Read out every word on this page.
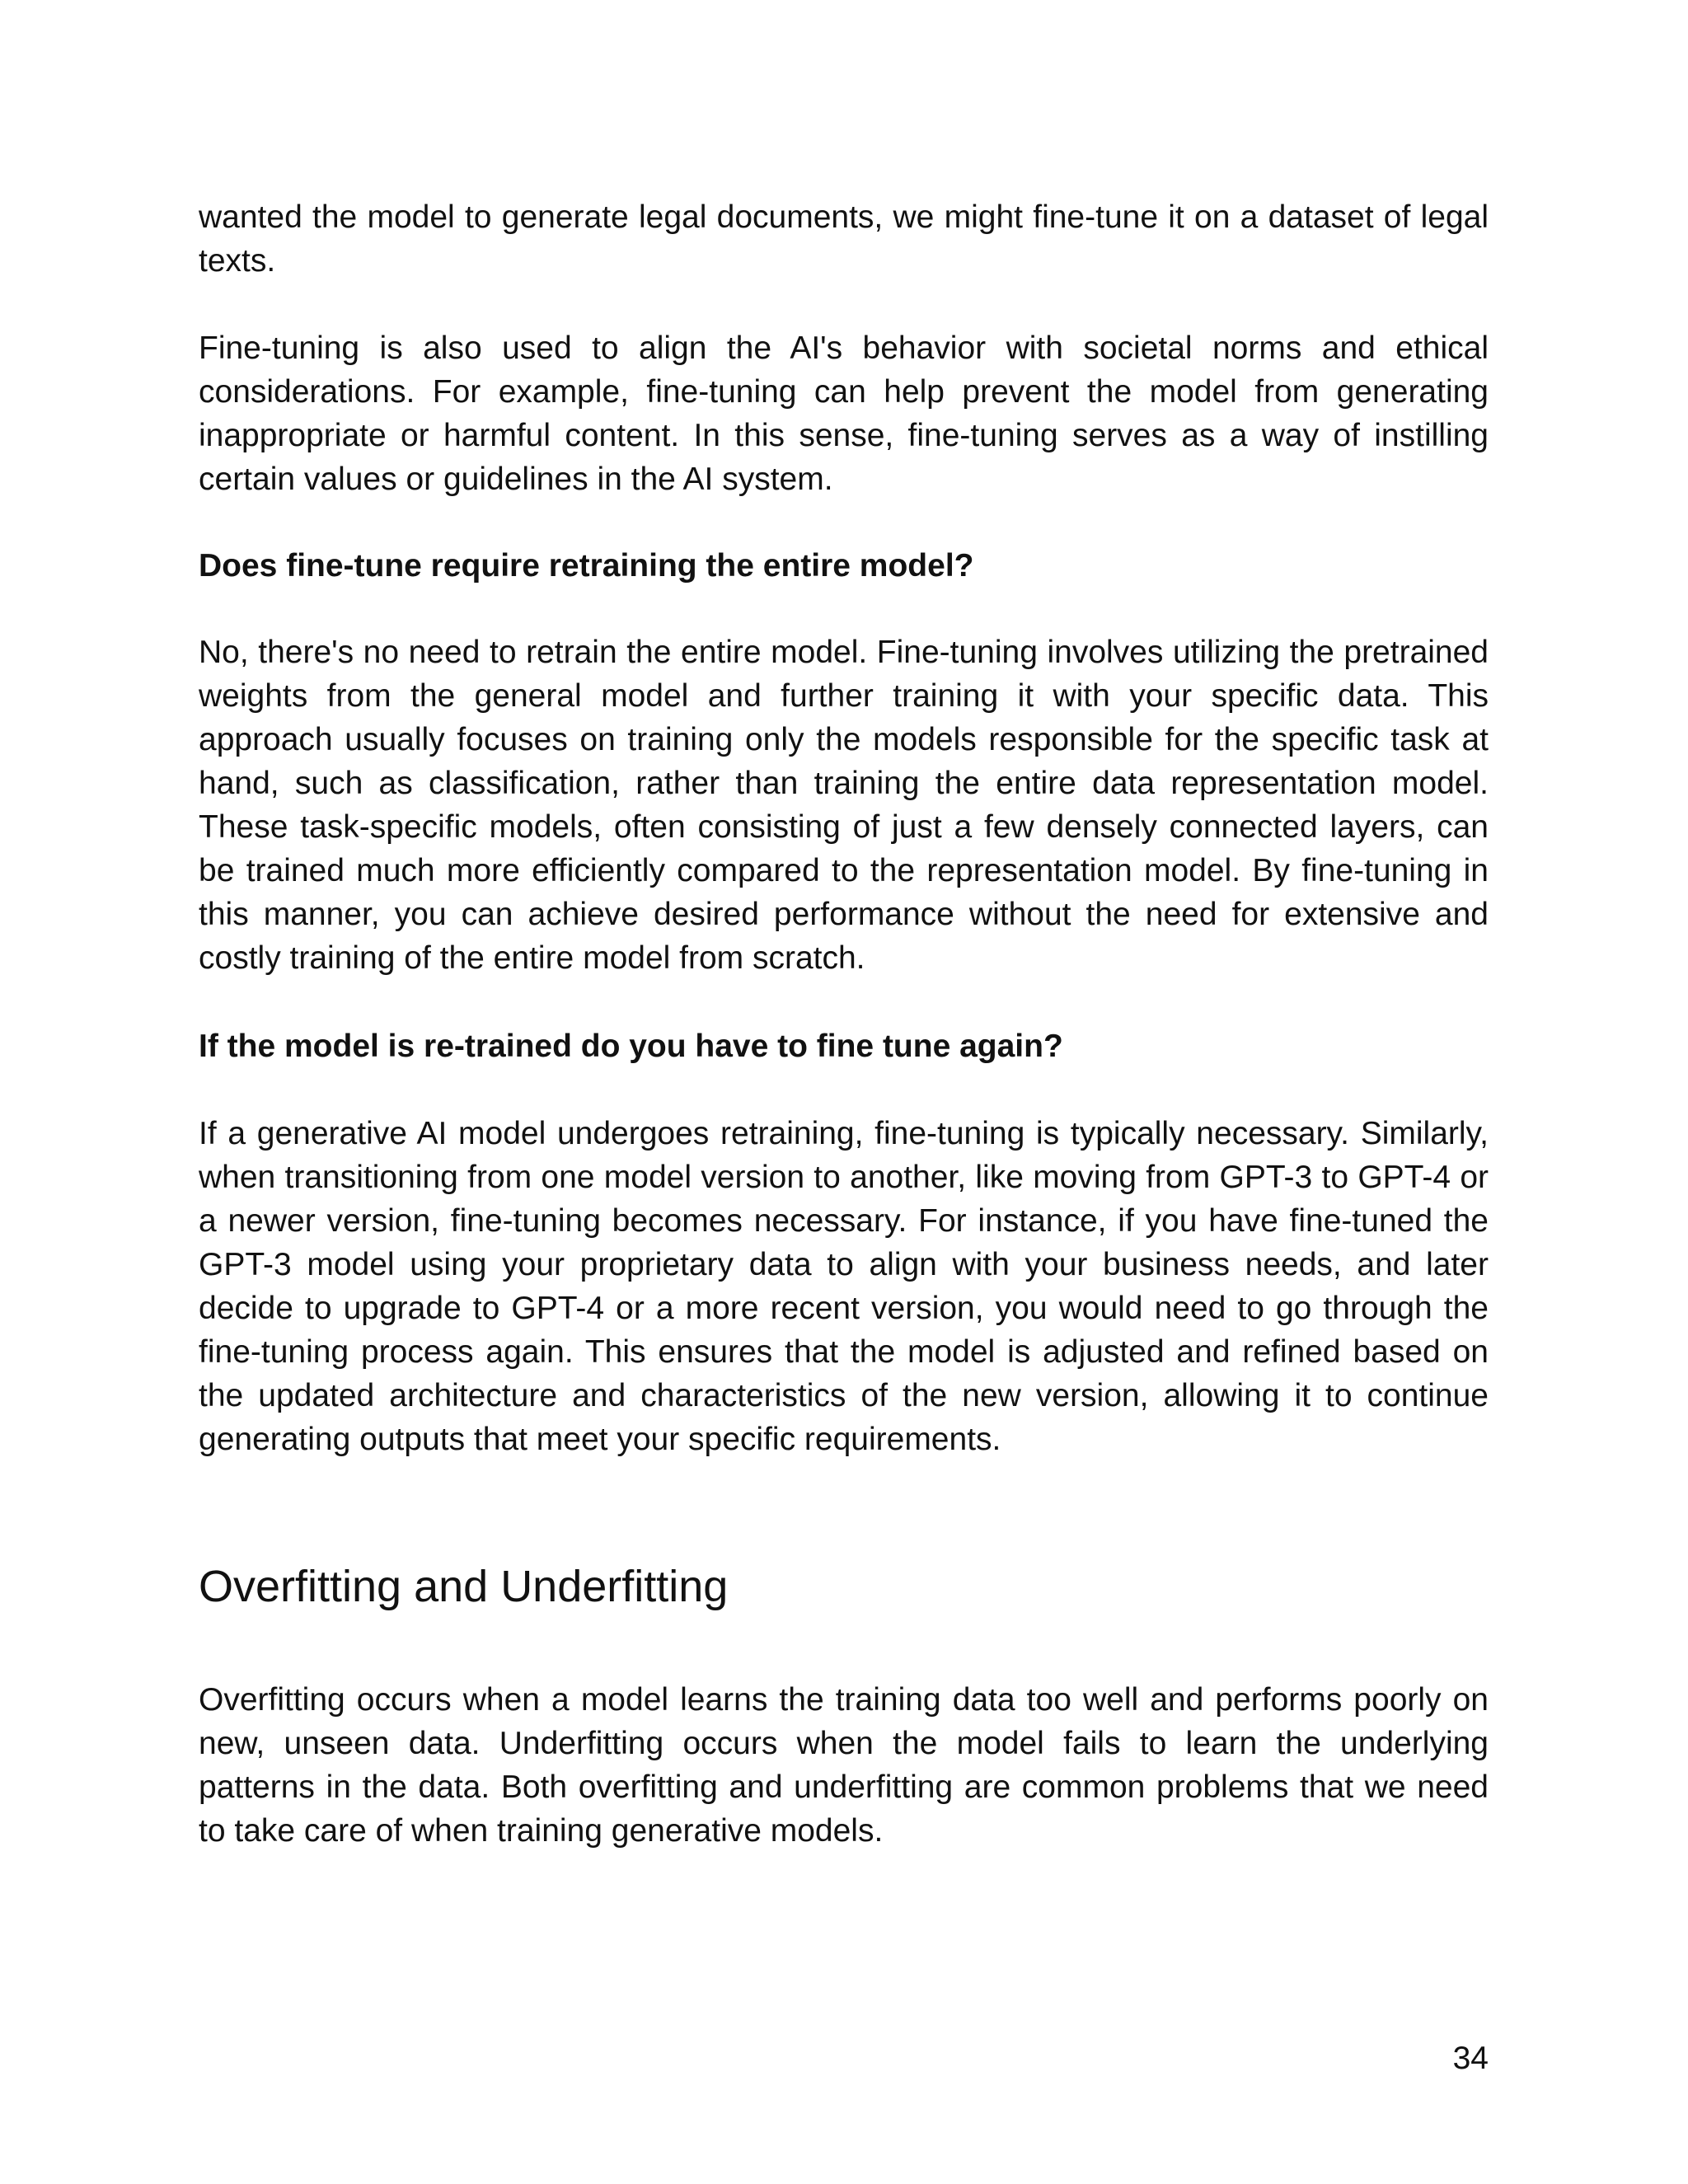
wanted the model to generate legal documents, we might fine-tune it on a dataset of legal texts.

Fine-tuning is also used to align the AI's behavior with societal norms and ethical considerations. For example, fine-tuning can help prevent the model from generating inappropriate or harmful content. In this sense, fine-tuning serves as a way of instilling certain values or guidelines in the AI system.

Does fine-tune require retraining the entire model?

No, there's no need to retrain the entire model. Fine-tuning involves utilizing the pretrained weights from the general model and further training it with your specific data. This approach usually focuses on training only the models responsible for the specific task at hand, such as classification, rather than training the entire data representation model. These task-specific models, often consisting of just a few densely connected layers, can be trained much more efficiently compared to the representation model. By fine-tuning in this manner, you can achieve desired performance without the need for extensive and costly training of the entire model from scratch.

If the model is re-trained do you have to fine tune again?

If a generative AI model undergoes retraining, fine-tuning is typically necessary. Similarly, when transitioning from one model version to another, like moving from GPT-3 to GPT-4 or a newer version, fine-tuning becomes necessary. For instance, if you have fine-tuned the GPT-3 model using your proprietary data to align with your business needs, and later decide to upgrade to GPT-4 or a more recent version, you would need to go through the fine-tuning process again. This ensures that the model is adjusted and refined based on the updated architecture and characteristics of the new version, allowing it to continue generating outputs that meet your specific requirements.

Overfitting and Underfitting

Overfitting occurs when a model learns the training data too well and performs poorly on new, unseen data. Underfitting occurs when the model fails to learn the underlying patterns in the data. Both overfitting and underfitting are common problems that we need to take care of when training generative models.

34
